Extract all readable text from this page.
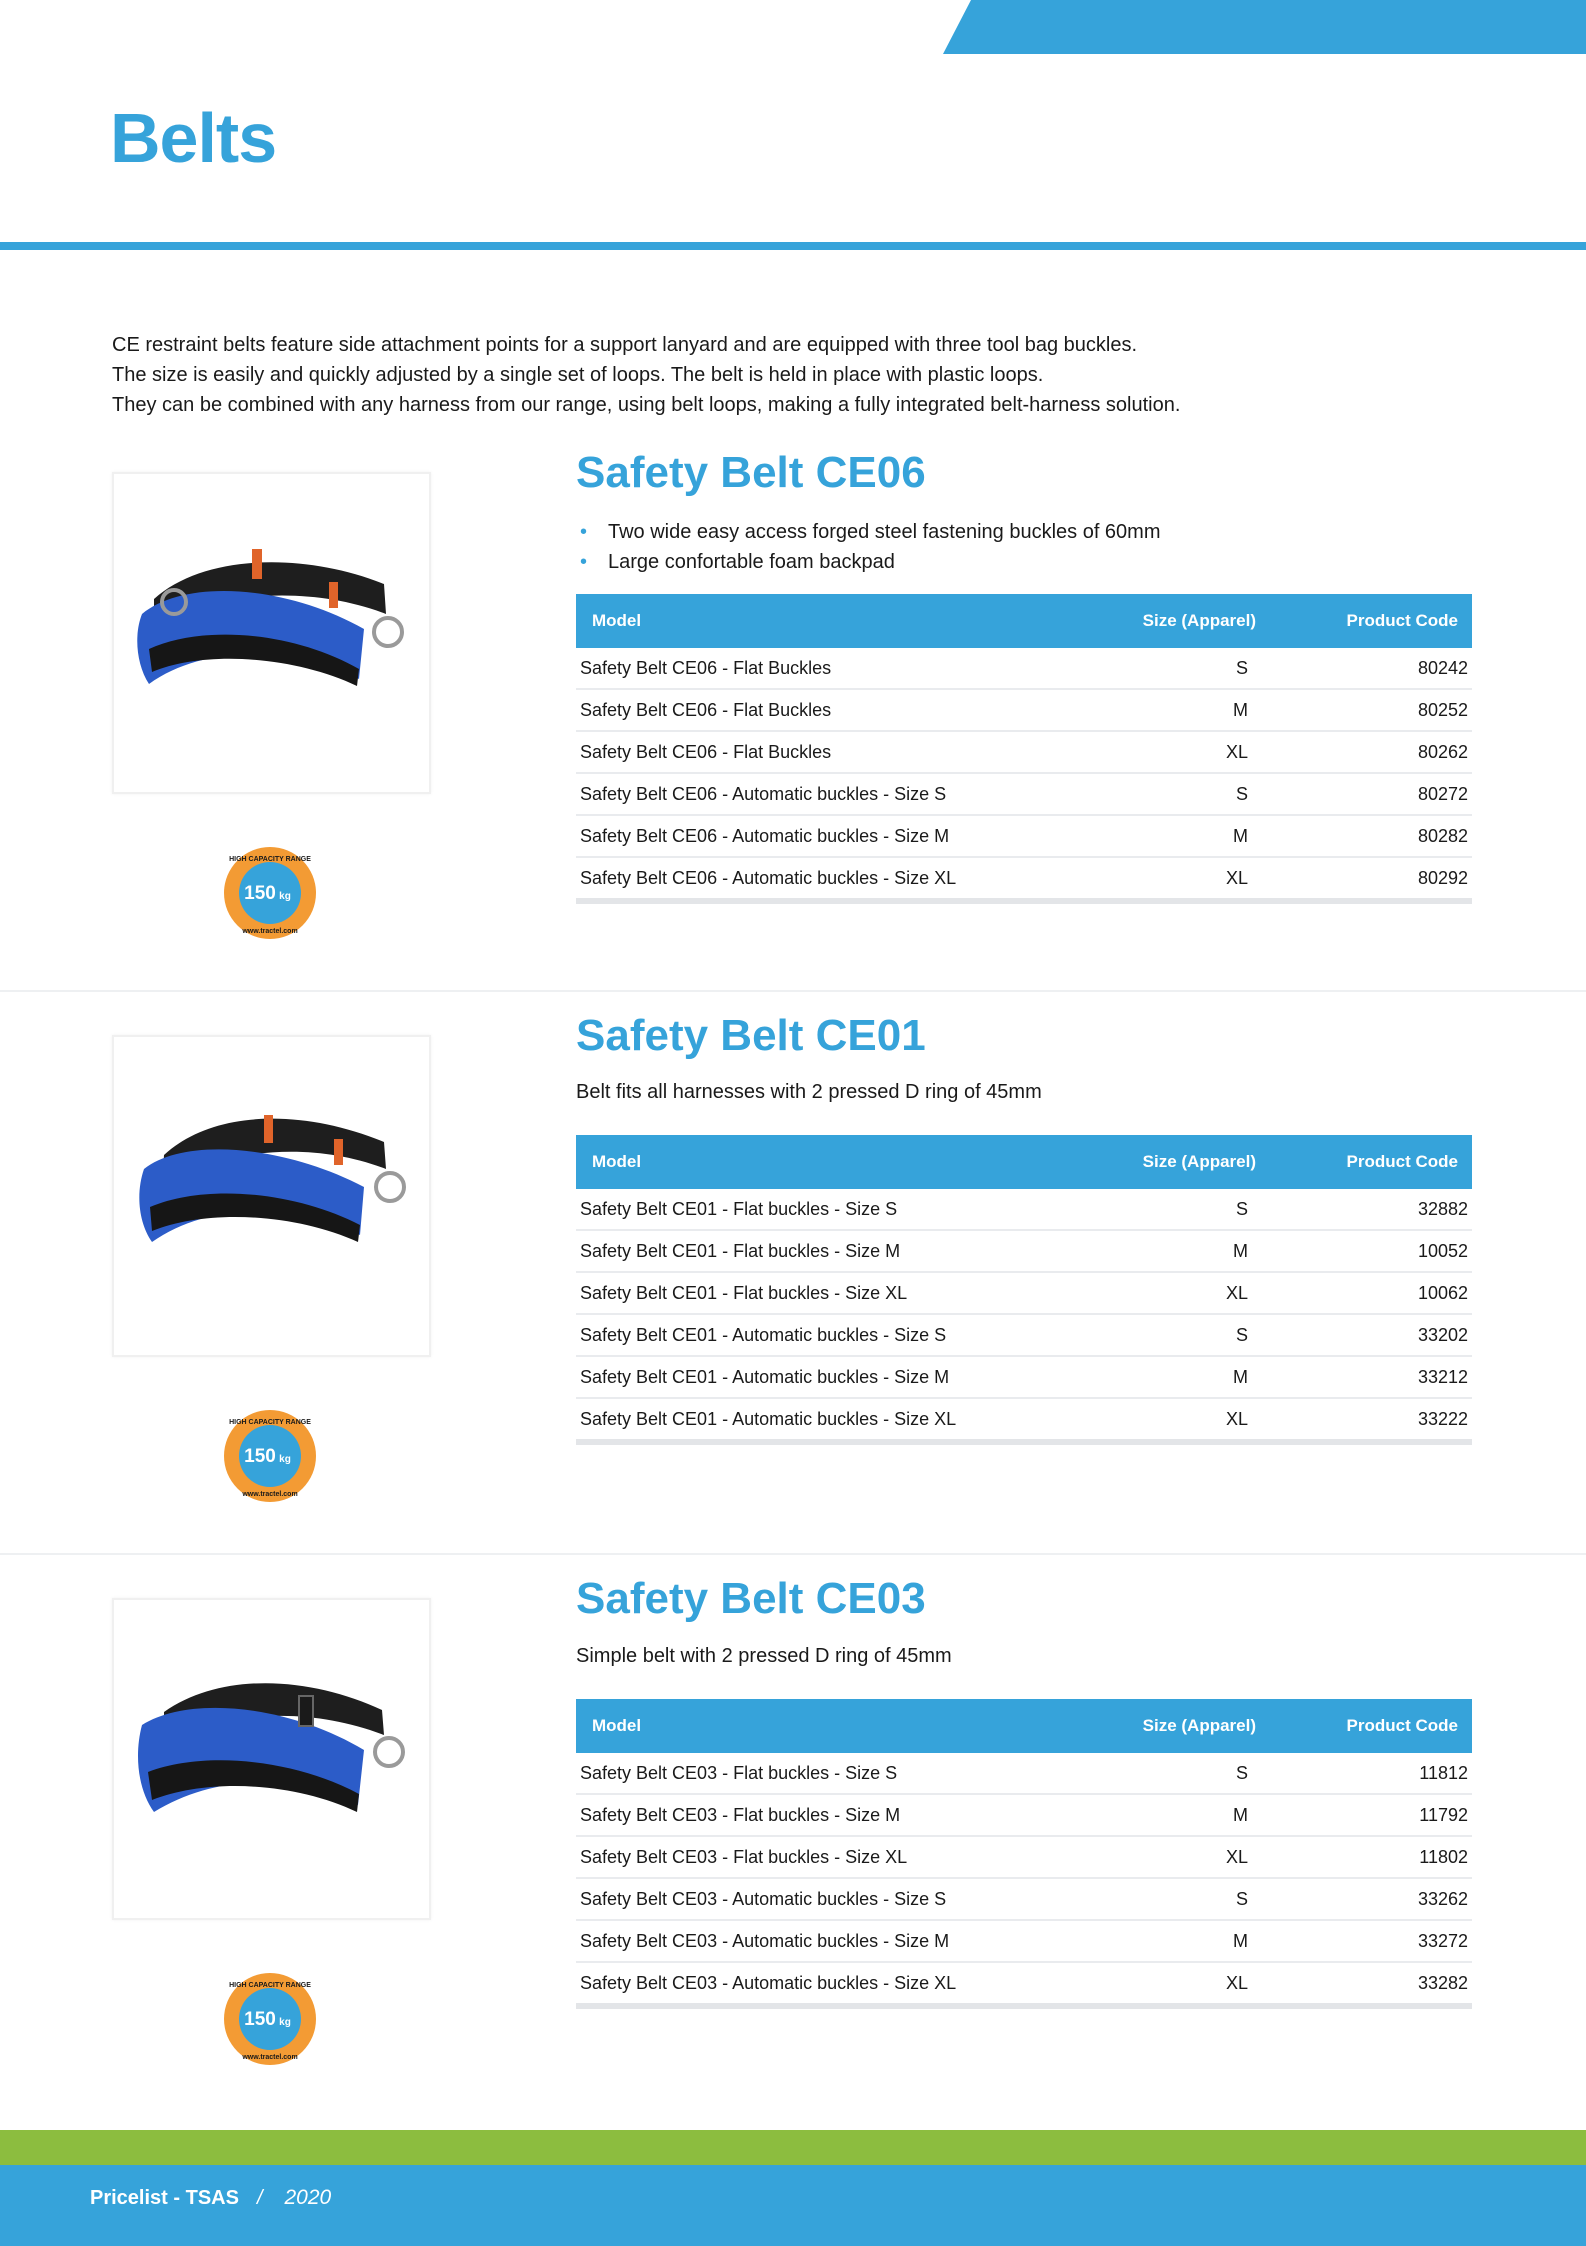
Belts
CE restraint belts feature side attachment points for a support lanyard and are equipped with three tool bag buckles.
The size is easily and quickly adjusted by a single set of loops. The belt is held in place with plastic loops.
They can be combined with any harness from our range, using belt loops, making a fully integrated belt-harness solution.
150 kg
HIGH CAPACITY RANGE
www.tractel.com
Safety Belt CE06
• Two wide easy access forged steel fastening buckles of 60mm
• Large confortable foam backpad
Model	Size (Apparel)	Product Code
Safety Belt CE06 - Flat Buckles	S	80242
Safety Belt CE06 - Flat Buckles	M	80252
Safety Belt CE06 - Flat Buckles	XL	80262
Safety Belt CE06 - Automatic buckles - Size S	S	80272
Safety Belt CE06 - Automatic buckles - Size M	M	80282
Safety Belt CE06 - Automatic buckles - Size XL	XL	80292
150 kg
HIGH CAPACITY RANGE
www.tractel.com
Safety Belt CE01

Belt fits all harnesses with 2 pressed D ring of 45mm

Model	Size (Apparel)	Product Code
Safety Belt CE01 - Flat buckles - Size S	S	32882
Safety Belt CE01 - Flat buckles - Size M	M	10052
Safety Belt CE01 - Flat buckles - Size XL	XL	10062
Safety Belt CE01 - Automatic buckles - Size S	S	33202
Safety Belt CE01 - Automatic buckles - Size M	M	33212
Safety Belt CE01 - Automatic buckles - Size XL	XL	33222
150 kg
HIGH CAPACITY RANGE
www.tractel.com
Safety Belt CE03

Simple belt with 2 pressed D ring of 45mm

Model	Size (Apparel)	Product Code
Safety Belt CE03 - Flat buckles - Size S	S	11812
Safety Belt CE03 - Flat buckles - Size M	M	11792
Safety Belt CE03 - Flat buckles - Size XL	XL	11802
Safety Belt CE03 - Automatic buckles - Size S	S	33262
Safety Belt CE03 - Automatic buckles - Size M	M	33272
Safety Belt CE03 - Automatic buckles - Size XL	XL	33282
Pricelist - TSAS / 2020
